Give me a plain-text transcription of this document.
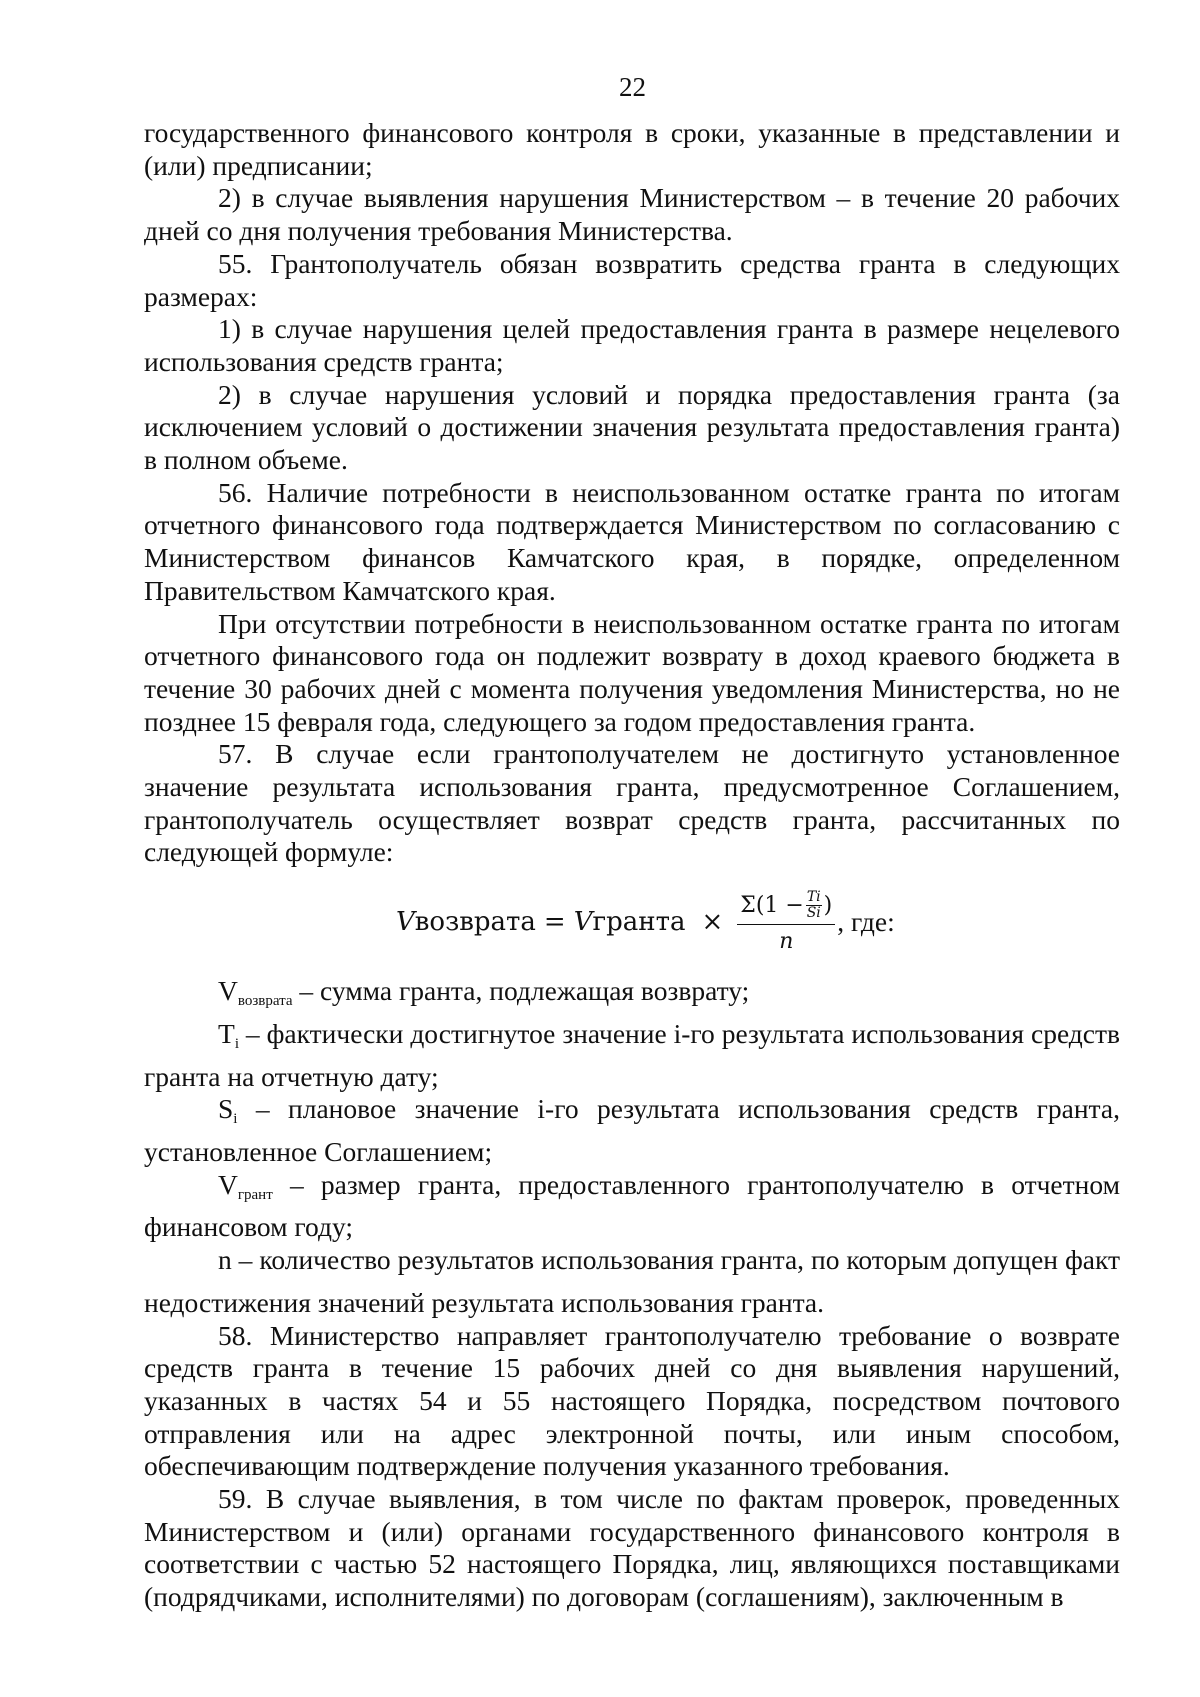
22

государственного финансового контроля в сроки, указанные в представлении и (или) предписании;

2) в случае выявления нарушения Министерством – в течение 20 рабочих дней со дня получения требования Министерства.

55. Грантополучатель обязан возвратить средства гранта в следующих размерах:

1) в случае нарушения целей предоставления гранта в размере нецелевого использования средств гранта;

2) в случае нарушения условий и порядка предоставления гранта (за исключением условий о достижении значения результата предоставления гранта) в полном объеме.

56. Наличие потребности в неиспользованном остатке гранта по итогам отчетного финансового года подтверждается Министерством по согласованию с Министерством финансов Камчатского края, в порядке, определенном Правительством Камчатского края.

При отсутствии потребности в неиспользованном остатке гранта по итогам отчетного финансового года он подлежит возврату в доход краевого бюджета в течение 30 рабочих дней с момента получения уведомления Министерства, но не позднее 15 февраля года, следующего за годом предоставления гранта.

57. В случае если грантополучателем не достигнуто установленное значение результата использования гранта, предусмотренное Соглашением, грантополучатель осуществляет возврат средств гранта, рассчитанных по следующей формуле:

V возврата = V гранта ×
$\Sigma(1 - \frac{Ti}{Si}$ )
n
, где:

$V_{возврата}$ – сумма гранта, подлежащая возврату;

$T_i$ – фактически достигнутое значение i-го результата использования средств гранта на отчетную дату;

$S_i$ – плановое значение i-го результата использования средств гранта, установленное Соглашением;

$V_{грант}$ – размер гранта, предоставленного грантополучателю в отчетном финансовом году;

n – количество результатов использования гранта, по которым допущен факт недостижения значений результата использования гранта.

58. Министерство направляет грантополучателю требование о возврате средств гранта в течение 15 рабочих дней со дня выявления нарушений, указанных в частях 54 и 55 настоящего Порядка, посредством почтового отправления или на адрес электронной почты, или иным способом, обеспечивающим подтверждение получения указанного требования.

59. В случае выявления, в том числе по фактам проверок, проведенных Министерством и (или) органами государственного финансового контроля в соответствии с частью 52 настоящего Порядка, лиц, являющихся поставщиками (подрядчиками, исполнителями) по договорам (соглашениям), заключенным в
